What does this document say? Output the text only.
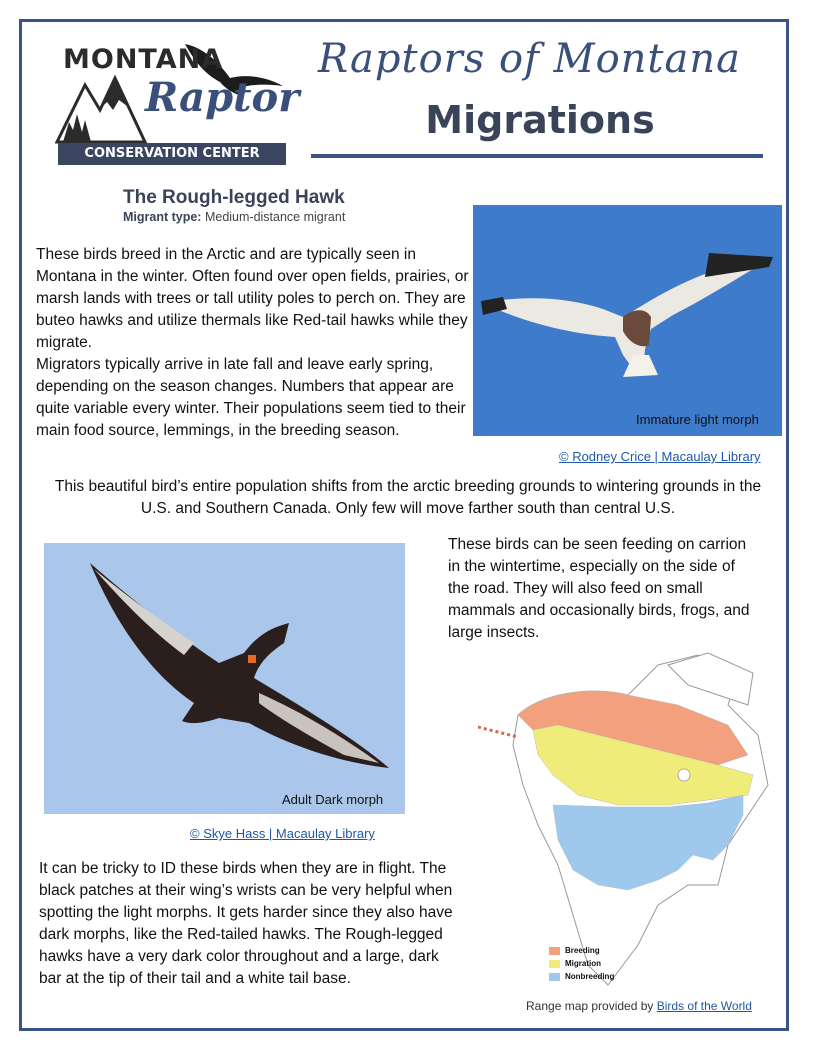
MONTANA
Raptor
CONSERVATION CENTER
Raptors of Montana
Migrations
The Rough-legged Hawk
Migrant type: Medium-distance migrant
These birds breed in the Arctic and are typically seen in Montana in the winter. Often found over open fields, prairies, or marsh lands with trees or tall utility poles to perch on. They are buteo hawks and utilize thermals like Red-tail hawks while they migrate.
Migrators typically arrive in late fall and leave early spring, depending on the season changes. Numbers that appear are quite variable every winter. Their populations seem tied to their main food source, lemmings, in the breeding season.
Immature light morph
© Rodney Crice | Macaulay Library
This beautiful bird’s entire population shifts from the arctic breeding grounds to wintering grounds in the U.S. and Southern Canada. Only few will move farther south than central U.S.
Adult Dark morph
© Skye Hass | Macaulay Library
These birds can be seen feeding on carrion in the wintertime, especially on the side of the road. They will also feed on small mammals and occasionally birds, frogs, and large insects.
Breeding
Migration
Nonbreeding
Range map provided by Birds of the World
It can be tricky to ID these birds when they are in flight. The black patches at their wing’s wrists can be very helpful when spotting the light morphs. It gets harder since they also have dark morphs, like the Red-tailed hawks. The Rough-legged hawks have a very dark color throughout and a large, dark bar at the tip of their tail and a white tail base.
